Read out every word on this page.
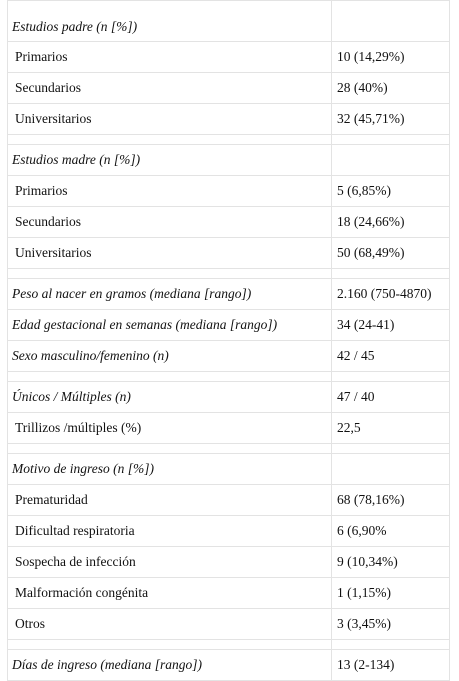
Estudios padre (n [%])	
Primarios	10 (14,29%)
Secundarios	28 (40%)
Universitarios	32 (45,71%)

Estudios madre (n [%])	
Primarios	5 (6,85%)
Secundarios	18 (24,66%)
Universitarios	50 (68,49%)

Peso al nacer en gramos (mediana [rango])	2.160 (750-4870)
Edad gestacional en semanas (mediana [rango])	34 (24-41)
Sexo masculino/femenino (n)	42 / 45

Únicos / Múltiples (n)	47 / 40
Trillizos /múltiples (%)	22,5

Motivo de ingreso (n [%])	
Prematuridad	68 (78,16%)
Dificultad respiratoria	6 (6,90%
Sospecha de infección	9 (10,34%)
Malformación congénita	1 (1,15%)
Otros	3 (3,45%)

Días de ingreso (mediana [rango])	13 (2-134)
